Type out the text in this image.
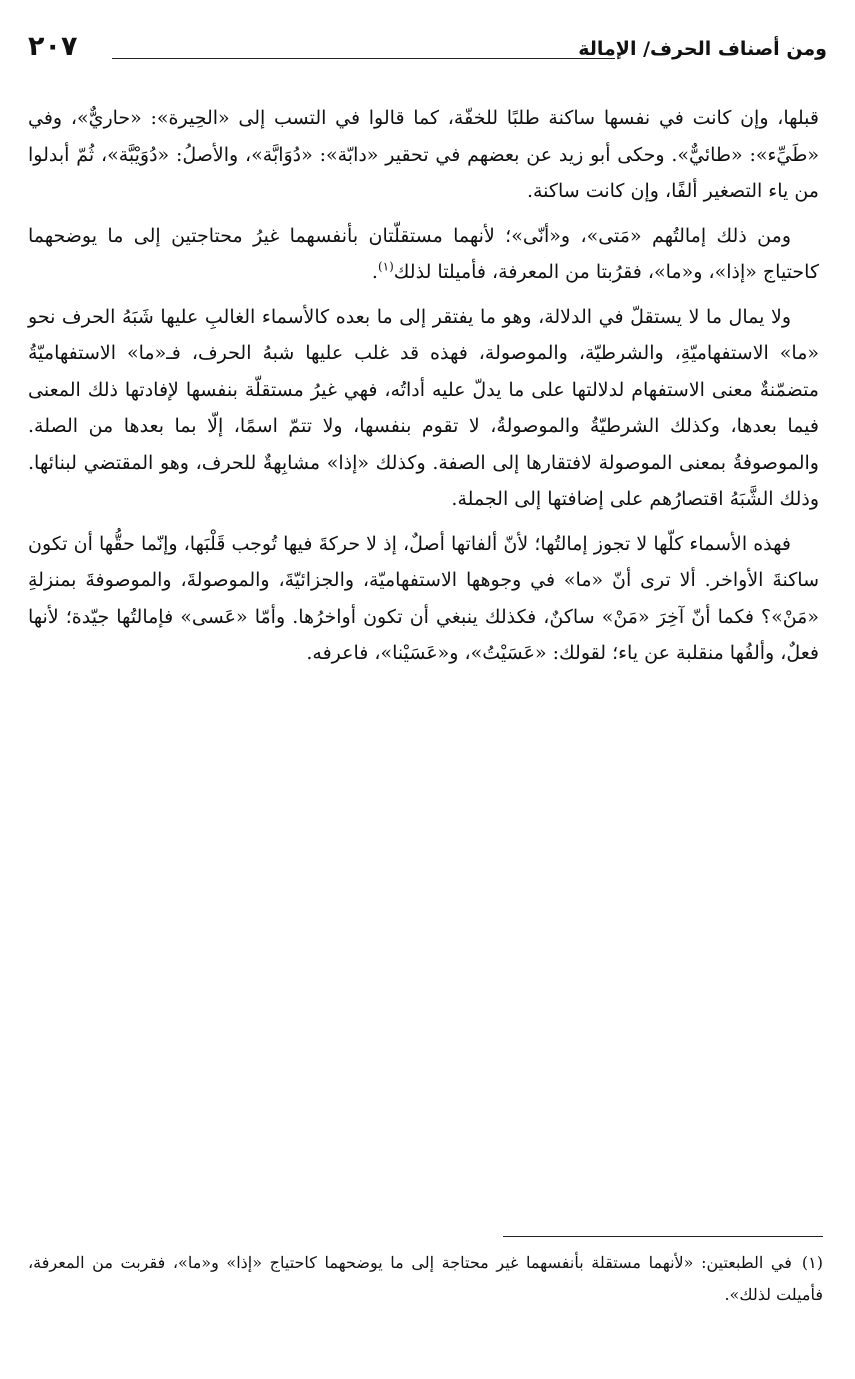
ومن أصناف الحرف/ الإمالة
٢٠٧

قبلها، وإن كانت في نفسها ساكنة طلبًا للخفّة، كما قالوا في التسب إلى «الحِيرة»: «حاريٌّ»، وفي «طَيِّء»: «طائيٌّ». وحكى أبو زيد عن بعضهم في تحقير «دابّة»: «دُوَابَّة»، والأصلُ: «دُوَيْبَّة»، ثُمّ أبدلوا من ياء التصغير ألفًا، وإن كانت ساكنة.

ومن ذلك إمالتُهم «مَتى»، و«أنّى»؛ لأنهما مستقلّتان بأنفسهما غيرُ محتاجتين إلى ما يوضحهما كاحتياج «إذا»، و«ما»، فقرُبتا من المعرفة، فأميلتا لذلك$^{(١)}$.

ولا يمال ما لا يستقلّ في الدلالة، وهو ما يفتقر إلى ما بعده كالأسماء الغالبِ عليها شَبَهُ الحرف نحو «ما» الاستفهاميّةِ، والشرطيّة، والموصولة، فهذه قد غلب عليها شبهُ الحرف، فـ«ما» الاستفهاميّةُ متضمّنةٌ معنى الاستفهام لدلالتها على ما يدلّ عليه أداتُه، فهي غيرُ مستقلّة بنفسها لإفادتها ذلك المعنى فيما بعدها، وكذلك الشرطيّةُ والموصولةُ، لا تقوم بنفسها، ولا تتمّ اسمًا، إلّا بما بعدها من الصلة. والموصوفةُ بمعنى الموصولة لافتقارها إلى الصفة. وكذلك «إذا» مشابِهةٌ للحرف، وهو المقتضي لبنائها. وذلك الشَّبَهُ اقتصارُهم على إضافتها إلى الجملة.

فهذه الأسماء كلّها لا تجوز إمالتُها؛ لأنّ ألفاتها أصلٌ، إذ لا حركةَ فيها تُوجب قَلْبَها، وإنّما حقُّها أن تكون ساكنةَ الأواخر. ألا ترى أنّ «ما» في وجوهها الاستفهاميّة، والجزائيّةَ، والموصولةَ، والموصوفةَ بمنزلةِ «مَنْ»؟ فكما أنّ آخِرَ «مَنْ» ساكنٌ، فكذلك ينبغي أن تكون أواخرُها. وأمّا «عَسى» فإمالتُها جيّدة؛ لأنها فعلٌ، وألفُها منقلبة عن ياء؛ لقولك: «عَسَيْتُ»، و«عَسَيْنا»، فاعرفه.

(١)في الطبعتين: «لأنهما مستقلة بأنفسهما غير محتاجة إلى ما يوضحهما كاحتياج «إذا» و«ما»، فقربت من المعرفة، فأميلت لذلك».
